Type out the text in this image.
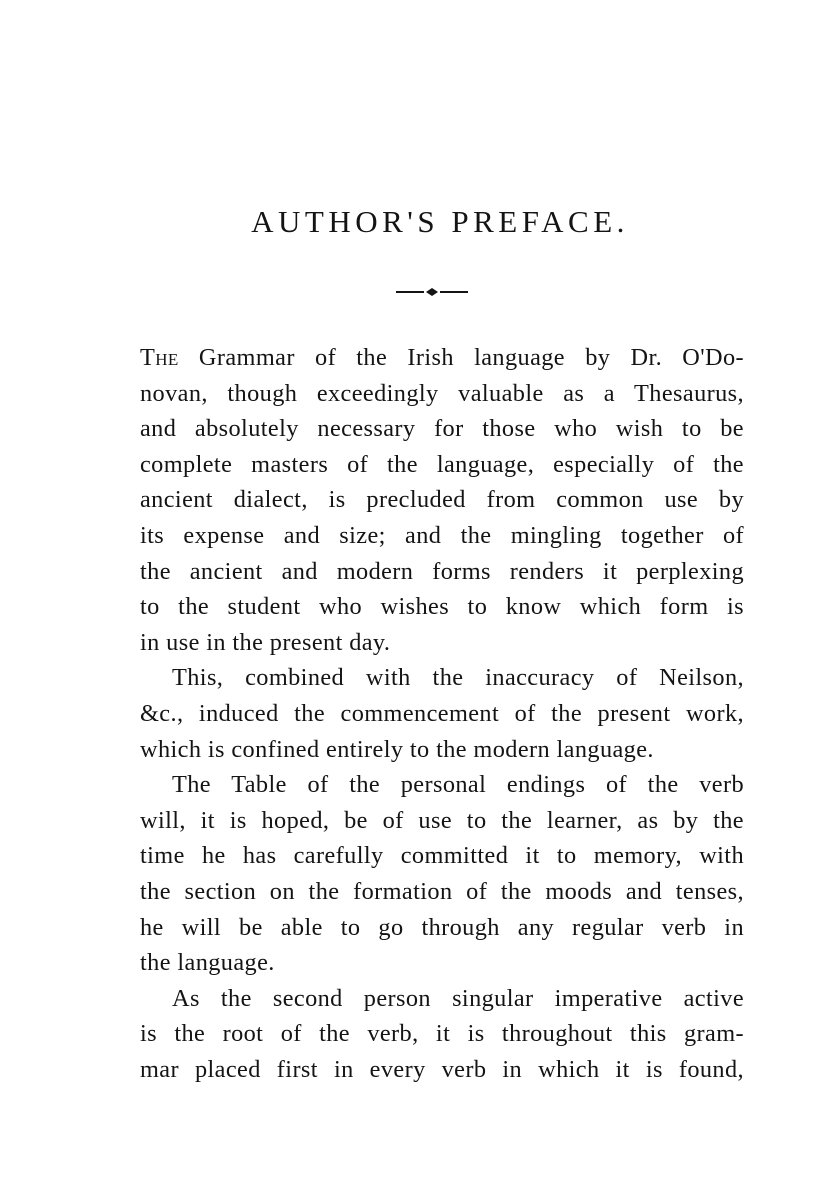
AUTHOR'S PREFACE.
The Grammar of the Irish language by Dr. O'Do-
novan, though exceedingly valuable as a Thesaurus,
and absolutely necessary for those who wish to be
complete masters of the language, especially of the
ancient dialect, is precluded from common use by
its expense and size; and the mingling together of
the ancient and modern forms renders it perplexing
to the student who wishes to know which form is
in use in the present day.
This, combined with the inaccuracy of Neilson,
&c., induced the commencement of the present work,
which is confined entirely to the modern language.
The Table of the personal endings of the verb
will, it is hoped, be of use to the learner, as by the
time he has carefully committed it to memory, with
the section on the formation of the moods and tenses,
he will be able to go through any regular verb in
the language.
As the second person singular imperative active
is the root of the verb, it is throughout this gram-
mar placed first in every verb in which it is found,
